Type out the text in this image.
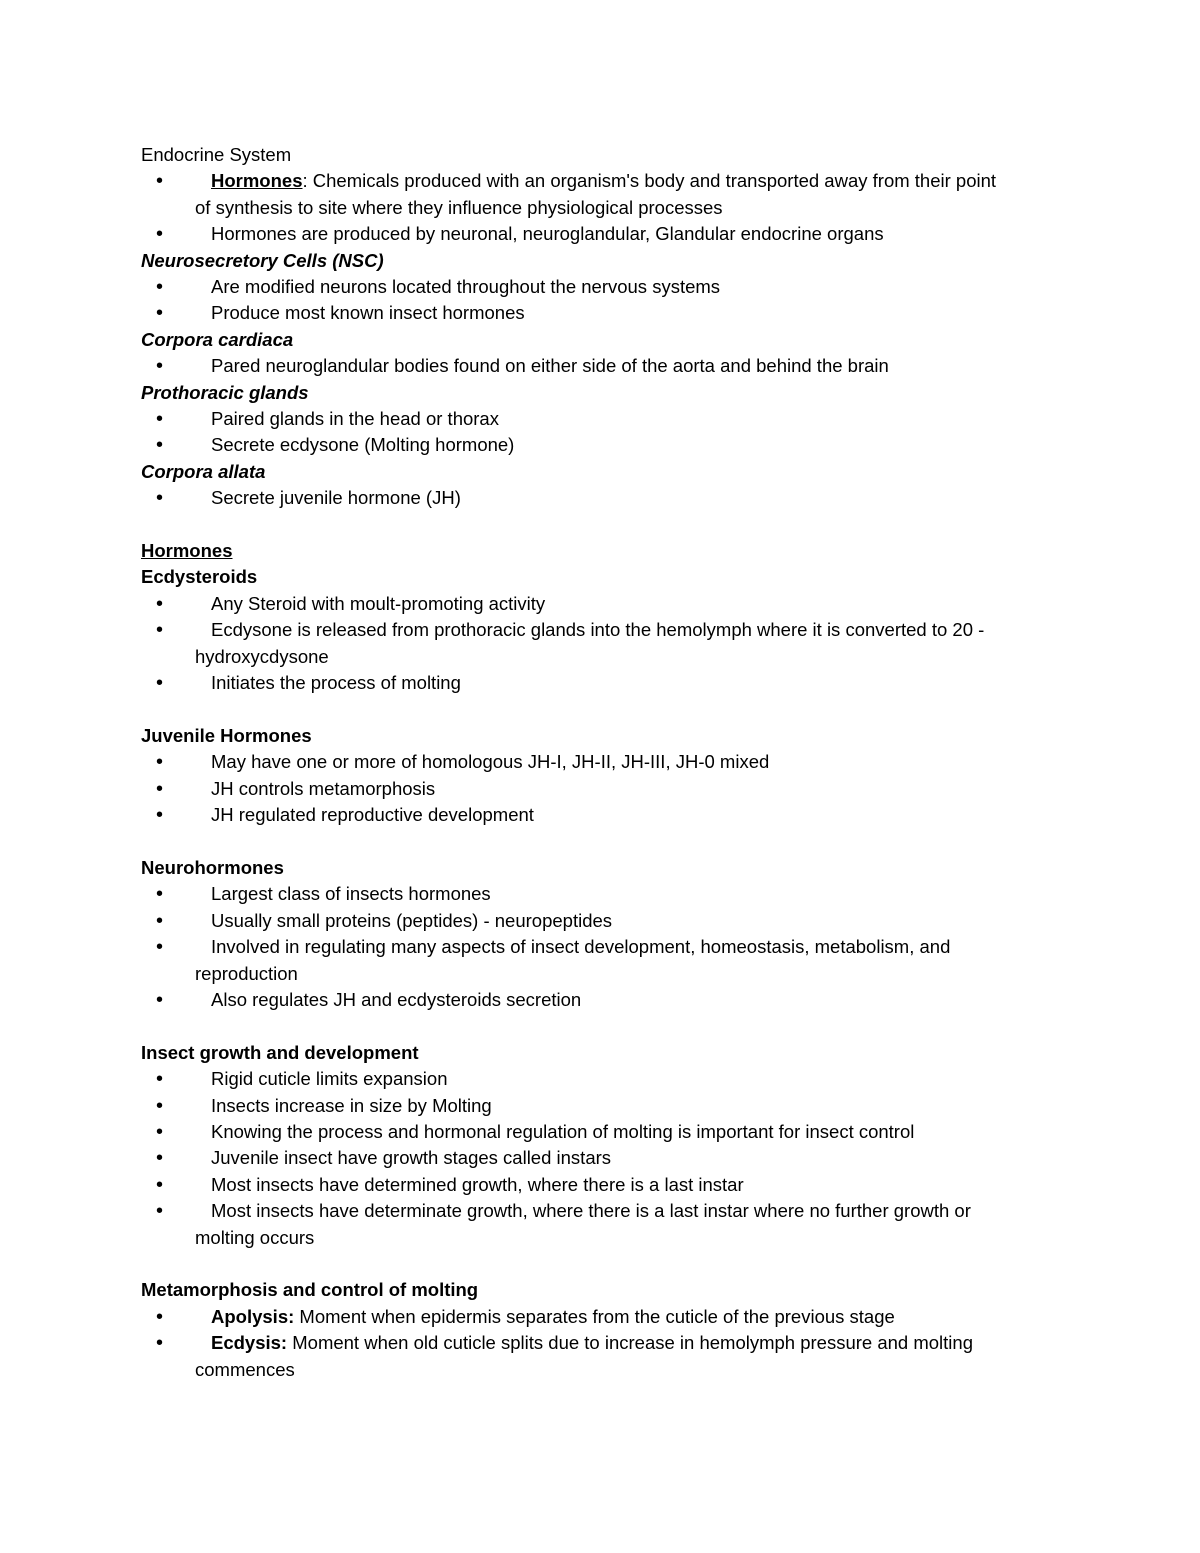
Endocrine System
•	Hormones: Chemicals produced with an organism's body and transported away from their point
of synthesis to site where they influence physiological processes
•	Hormones are produced by neuronal, neuroglandular, Glandular endocrine organs
Neurosecretory Cells (NSC)
•	Are modified neurons located throughout the nervous systems
•	Produce most known insect hormones
Corpora cardiaca
•	Pared neuroglandular bodies found on either side of the aorta and behind the brain
Prothoracic glands
•	Paired glands in the head or thorax
•	Secrete ecdysone (Molting hormone)
Corpora allata
•	Secrete juvenile hormone (JH)
Hormones
Ecdysteroids
•	Any Steroid with moult-promoting activity
•	Ecdysone is released from prothoracic glands into the hemolymph where it is converted to 20 -
hydroxycdysone
•	Initiates the process of molting
Juvenile Hormones
•	May have one or more of homologous JH-I, JH-II, JH-III, JH-0 mixed
•	JH controls metamorphosis
•	JH regulated reproductive development
Neurohormones
•	Largest class of insects hormones
•	Usually small proteins (peptides) - neuropeptides
•	Involved in regulating many aspects of insect development, homeostasis, metabolism, and
reproduction
•	Also regulates JH and ecdysteroids secretion
Insect growth and development
•	Rigid cuticle limits expansion
•	Insects increase in size by Molting
•	Knowing the process and hormonal regulation of molting is important for insect control
•	Juvenile insect have growth stages called instars
•	Most insects have determined growth, where there is a last instar
•	Most insects have determinate growth, where there is a last instar where no further growth or
molting occurs
Metamorphosis and control of molting
•	Apolysis: Moment when epidermis separates from the cuticle of the previous stage
•	Ecdysis: Moment when old cuticle splits due to increase in hemolymph pressure and molting
commences
